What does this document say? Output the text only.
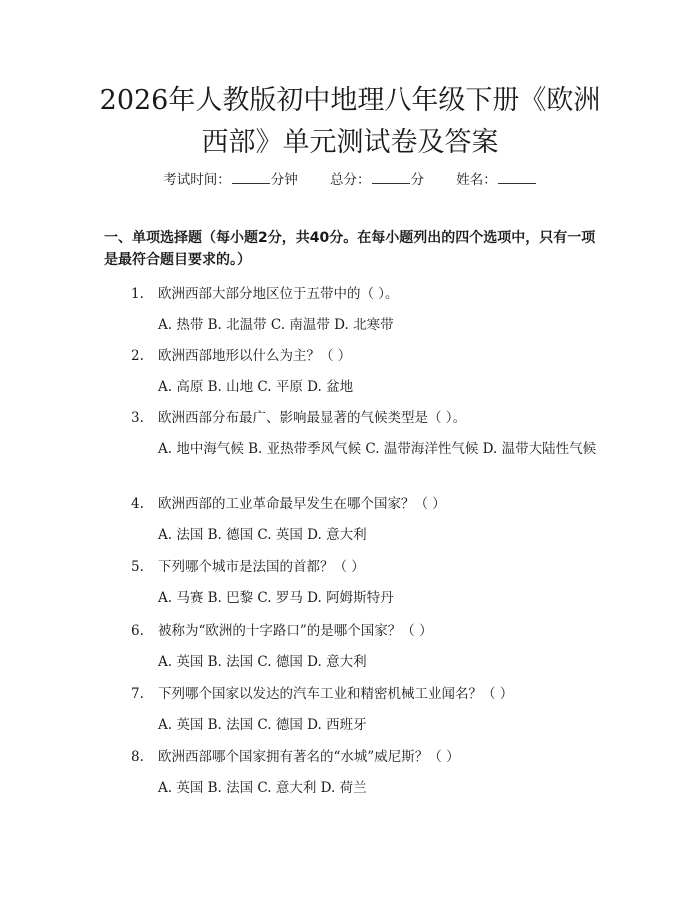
2026年人教版初中地理八年级下册《欧洲西部》单元测试卷及答案
考试时间：	分钟 总分：	分 姓名：
一、单项选择题（每小题2分，共40分。在每小题列出的四个选项中，只有一项是最符合题目要求的。）
1. 欧洲西部大部分地区位于五带中的（ ）。
A. 热带 B. 北温带 C. 南温带 D. 北寒带
2. 欧洲西部地形以什么为主？（ ）
A. 高原 B. 山地 C. 平原 D. 盆地
3. 欧洲西部分布最广、影响最显著的气候类型是（ ）。
A. 地中海气候 B. 亚热带季风气候 C. 温带海洋性气候 D. 温带大陆性气候
4. 欧洲西部的工业革命最早发生在哪个国家？（ ）
A. 法国 B. 德国 C. 英国 D. 意大利
5. 下列哪个城市是法国的首都？（ ）
A. 马赛 B. 巴黎 C. 罗马 D. 阿姆斯特丹
6. 被称为“欧洲的十字路口”的是哪个国家？（ ）
A. 英国 B. 法国 C. 德国 D. 意大利
7. 下列哪个国家以发达的汽车工业和精密机械工业闻名？（ ）
A. 英国 B. 法国 C. 德国 D. 西班牙
8. 欧洲西部哪个国家拥有著名的“水城”威尼斯？（ ）
A. 英国 B. 法国 C. 意大利 D. 荷兰
